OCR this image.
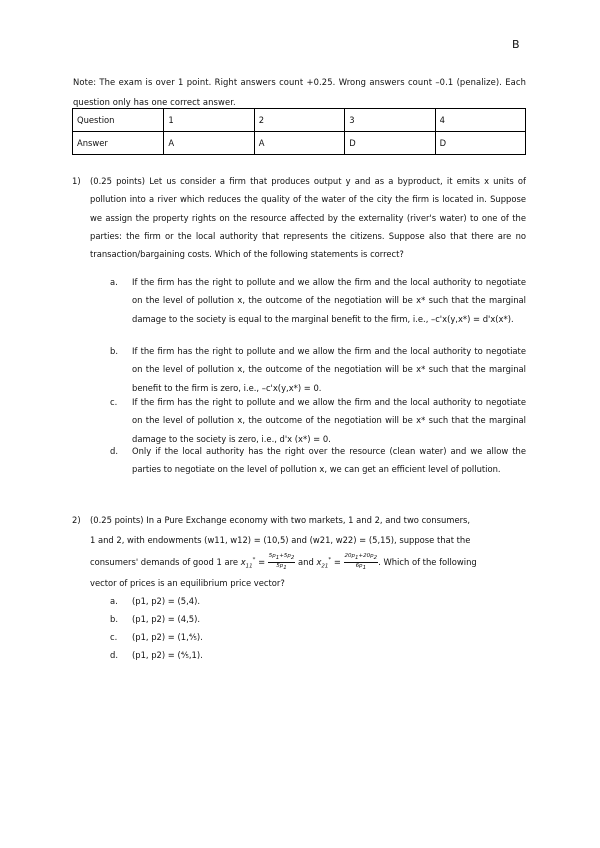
B
Note: The exam is over 1 point. Right answers count +0.25. Wrong answers count –0.1 (penalize). Each question only has one correct answer.
Question	1	2	3	4
Answer	A	A	D	D
1) (0.25 points) Let us consider a firm that produces output y and as a byproduct, it emits x units of pollution into a river which reduces the quality of the water of the city the firm is located in. Suppose we assign the property rights on the resource affected by the externality (river's water) to one of the parties: the firm or the local authority that represents the citizens. Suppose also that there are no transaction/bargaining costs. Which of the following statements is correct?
a. If the firm has the right to pollute and we allow the firm and the local authority to negotiate on the level of pollution x, the outcome of the negotiation will be x* such that the marginal damage to the society is equal to the marginal benefit to the firm, i.e., –c'x(y,x*) = d'x(x*).
b. If the firm has the right to pollute and we allow the firm and the local authority to negotiate on the level of pollution x, the outcome of the negotiation will be x* such that the marginal benefit to the firm is zero, i.e., –c'x(y,x*) = 0.
c. If the firm has the right to pollute and we allow the firm and the local authority to negotiate on the level of pollution x, the outcome of the negotiation will be x* such that the marginal damage to the society is zero, i.e., d'x (x*) = 0.
d. Only if the local authority has the right over the resource (clean water) and we allow the parties to negotiate on the level of pollution x, we can get an efficient level of pollution.
2) (0.25 points) In a Pure Exchange economy with two markets, 1 and 2, and two consumers,
1 and 2, with endowments (w11, w12) = (10,5) and (w21, w22) = (5,15), suppose that the
consumers' demands of good 1 are $x_{11}^* = \frac{5p_1+5p_2}{5p_1}$ and $x_{21}^* = \frac{20p_1+20p_2}{6p_1}$ . Which of the following
vector of prices is an equilibrium price vector?
a. (p1, p2) = (5,4).
b. (p1, p2) = (4,5).
c. (p1, p2) = (1,⅘).
d. (p1, p2) = (⅘,1).
